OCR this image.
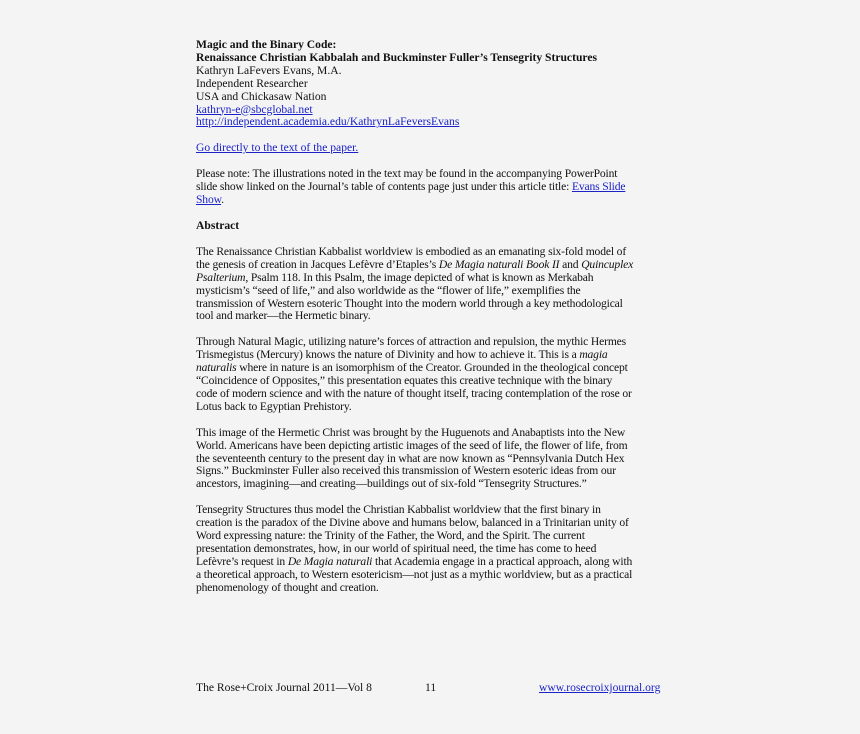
Magic and the Binary Code:
Renaissance Christian Kabbalah and Buckminster Fuller’s Tensegrity Structures
Kathryn LaFevers Evans, M.A.
Independent Researcher
USA and Chickasaw Nation
kathryn-e@sbcglobal.net
http://independent.academia.edu/KathrynLaFeversEvans
Go directly to the text of the paper.
Please note: The illustrations noted in the text may be found in the accompanying PowerPoint
slide show linked on the Journal’s table of contents page just under this article title: Evans Slide
Show.
Abstract
The Renaissance Christian Kabbalist worldview is embodied as an emanating six-fold model of
the genesis of creation in Jacques Lefèvre d’Etaples’s De Magia naturali Book II and Quincuplex
Psalterium, Psalm 118. In this Psalm, the image depicted of what is known as Merkabah
mysticism’s “seed of life,” and also worldwide as the “flower of life,” exemplifies the
transmission of Western esoteric Thought into the modern world through a key methodological
tool and marker—the Hermetic binary.
Through Natural Magic, utilizing nature’s forces of attraction and repulsion, the mythic Hermes
Trismegistus (Mercury) knows the nature of Divinity and how to achieve it. This is a magia
naturalis where in nature is an isomorphism of the Creator. Grounded in the theological concept
“Coincidence of Opposites,” this presentation equates this creative technique with the binary
code of modern science and with the nature of thought itself, tracing contemplation of the rose or
Lotus back to Egyptian Prehistory.
This image of the Hermetic Christ was brought by the Huguenots and Anabaptists into the New
World. Americans have been depicting artistic images of the seed of life, the flower of life, from
the seventeenth century to the present day in what are now known as “Pennsylvania Dutch Hex
Signs.” Buckminster Fuller also received this transmission of Western esoteric ideas from our
ancestors, imagining—and creating—buildings out of six-fold “Tensegrity Structures.”
Tensegrity Structures thus model the Christian Kabbalist worldview that the first binary in
creation is the paradox of the Divine above and humans below, balanced in a Trinitarian unity of
Word expressing nature: the Trinity of the Father, the Word, and the Spirit. The current
presentation demonstrates, how, in our world of spiritual need, the time has come to heed
Lefèvre’s request in De Magia naturali that Academia engage in a practical approach, along with
a theoretical approach, to Western esotericism—not just as a mythic worldview, but as a practical
phenomenology of thought and creation.
The Rose+Croix Journal 2011—Vol 8	11	www.rosecroixjournal.org
